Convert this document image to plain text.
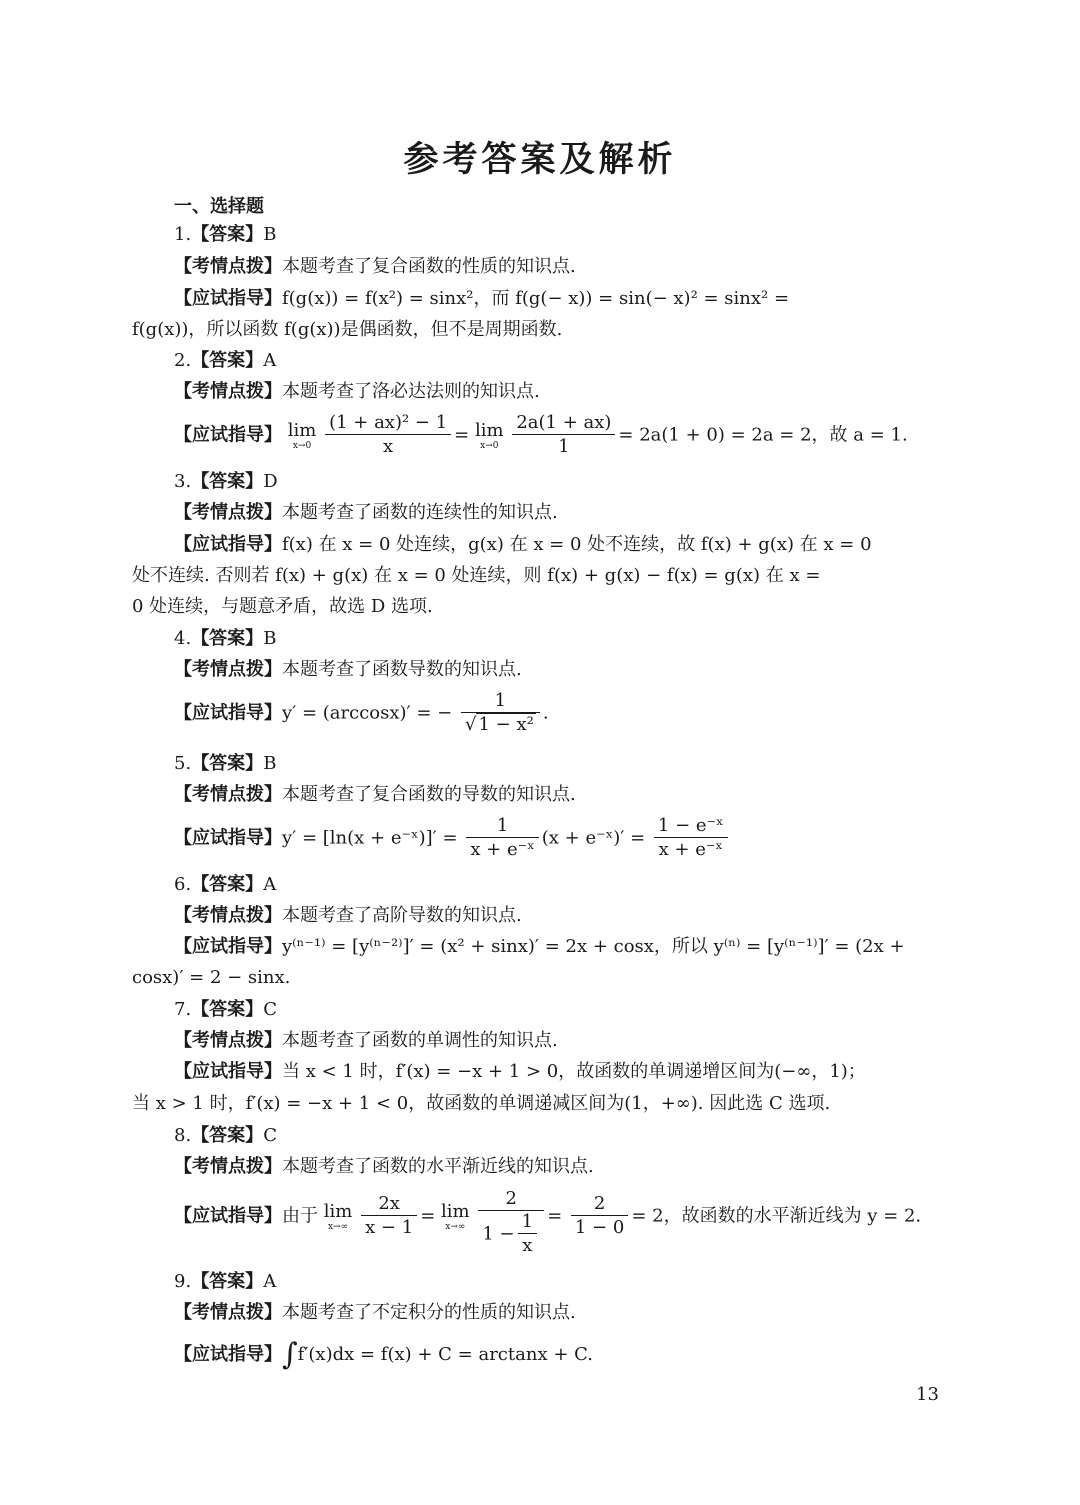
参考答案及解析
一、选择题
1.【答案】B
【考情点拨】本题考查了复合函数的性质的知识点.
【应试指导】f(g(x)) = f(x²) = sinx²，而 f(g(− x)) = sin(− x)² = sinx² =
f(g(x))，所以函数 f(g(x))是偶函数，但不是周期函数.
2.【答案】A
【考情点拨】本题考查了洛必达法则的知识点.
【应试指导】 lim
x→0
$\frac{\text{(1 + ax)² − 1}}{x} = \lim$
x→0
$\frac{2a(1 + ax)}{1} = 2a(1 + 0) = 2a = 2$，故 a = 1.
3.【答案】D
【考情点拨】本题考查了函数的连续性的知识点.
【应试指导】f(x) 在 x = 0 处连续，g(x) 在 x = 0 处不连续，故 f(x) + g(x) 在 x = 0
处不连续. 否则若 f(x) + g(x) 在 x = 0 处连续，则 f(x) + g(x) − f(x) = g(x) 在 x =
0 处连续，与题意矛盾，故选 D 选项.
4.【答案】B
【考情点拨】本题考查了函数导数的知识点.
【应试指导】y′ = (arccosx)′ = − $\frac{1}{\text{√ 1 − x²}}$ .
5.【答案】B
【考情点拨】本题考查了复合函数的导数的知识点.
【应试指导】y′ = [ln(x + e⁻ˣ)]′ = $\frac{1}{\text{x + e⁻ˣ}} (x$ + e⁻ˣ)′ = $\frac{\text{1 − e⁻ˣ}}{\text{x + e⁻ˣ}}$
6.【答案】A
【考情点拨】本题考查了高阶导数的知识点.
【应试指导】y⁽ⁿ⁻¹⁾ = [y⁽ⁿ⁻²⁾]′ = (x² + sinx)′ = 2x + cosx，所以 y⁽ⁿ⁾ = [y⁽ⁿ⁻¹⁾]′ = (2x +
cosx)′ = 2 − sinx.
7.【答案】C
【考情点拨】本题考查了函数的单调性的知识点.
【应试指导】当 x < 1 时，f′(x) = −x + 1 > 0，故函数的单调递增区间为(−∞，1)；
当 x > 1 时，f′(x) = −x + 1 < 0，故函数的单调递减区间为(1，+∞). 因此选 C 选项.
8.【答案】C
【考情点拨】本题考查了函数的水平渐近线的知识点.
【应试指导】由于 lim
x→∞
$\frac{2x}{x - 1} = \lim$
x→∞
$\frac{2}{1 - \frac{1}{x}} = \frac{2}{1 - 0} = 2$，故函数的水平渐近线为 y = 2.
9.【答案】A
【考情点拨】本题考查了不定积分的性质的知识点.
【应试指导】∫f′(x)dx = f(x) + C = arctanx + C.
13
